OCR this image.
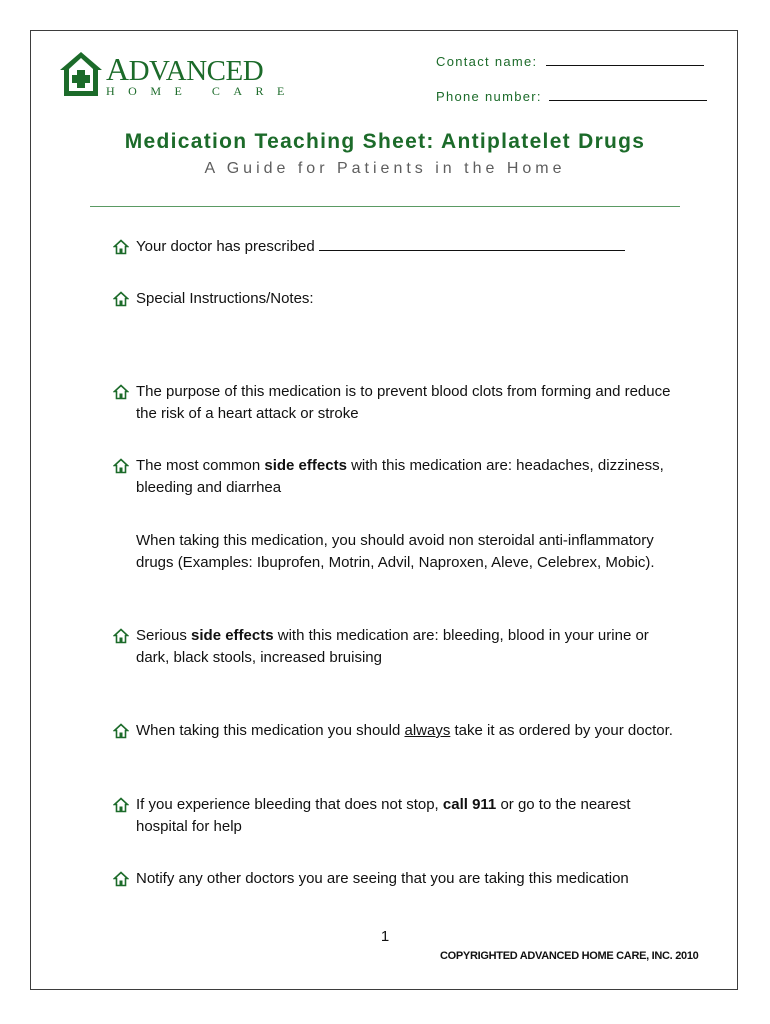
ADVANCED
HOME CARE
Contact name:
Phone number:
Medication Teaching Sheet: Antiplatelet Drugs
A Guide for Patients in the Home
Your doctor has prescribed
Special Instructions/Notes:
The purpose of this medication is to prevent blood clots from forming and reduce the risk of a heart attack or stroke
The most common side effects with this medication are: headaches, dizziness, bleeding and diarrhea
When taking this medication, you should avoid non steroidal anti-inflammatory drugs (Examples: Ibuprofen, Motrin, Advil, Naproxen, Aleve, Celebrex, Mobic).
Serious side effects with this medication are: bleeding, blood in your urine or dark, black stools, increased bruising
When taking this medication you should always take it as ordered by your doctor.
If you experience bleeding that does not stop, call 911 or go to the nearest hospital for help
Notify any other doctors you are seeing that you are taking this medication
1
COPYRIGHTED ADVANCED HOME CARE, INC. 2010
